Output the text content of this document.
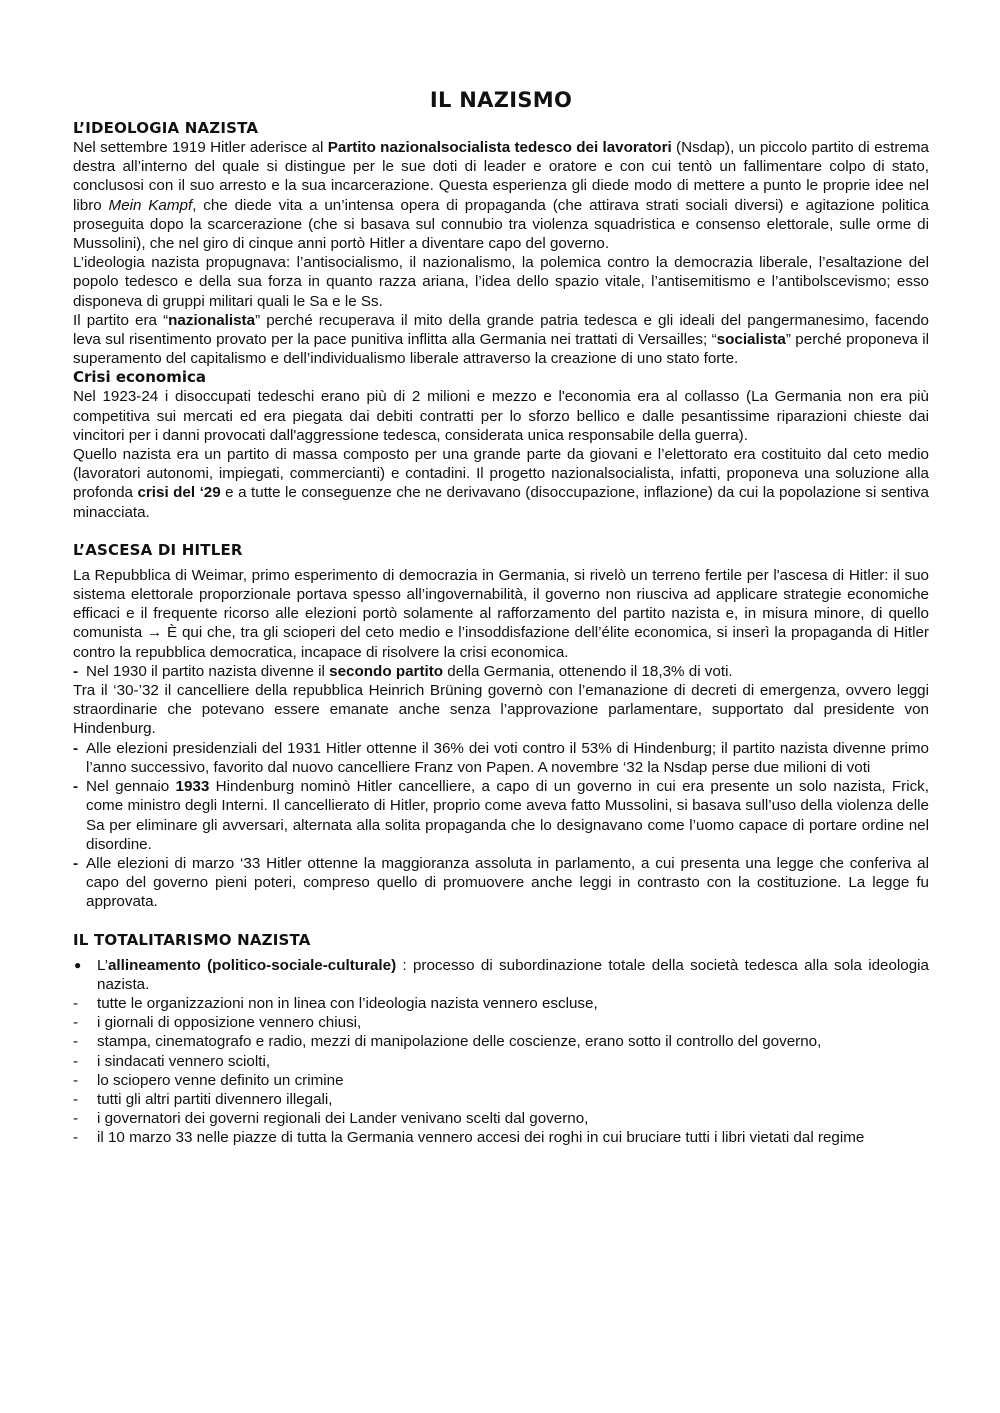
IL NAZISMO
L’IDEOLOGIA NAZISTA

Nel settembre 1919 Hitler aderisce al Partito nazionalsocialista tedesco dei lavoratori (Nsdap), un piccolo partito di estrema destra all’interno del quale si distingue per le sue doti di leader e oratore e con cui tentò un fallimentare colpo di stato, conclusosi con il suo arresto e la sua incarcerazione. Questa esperienza gli diede modo di mettere a punto le proprie idee nel libro Mein Kampf, che diede vita a un’intensa opera di propaganda (che attirava strati sociali diversi) e agitazione politica proseguita dopo la scarcerazione (che si basava sul connubio tra violenza squadristica e consenso elettorale, sulle orme di Mussolini), che nel giro di cinque anni portò Hitler a diventare capo del governo.

L’ideologia nazista propugnava: l’antisocialismo, il nazionalismo, la polemica contro la democrazia liberale, l’esaltazione del popolo tedesco e della sua forza in quanto razza ariana, l’idea dello spazio vitale, l’antisemitismo e l’antibolscevismo; esso disponeva di gruppi militari quali le Sa e le Ss.

Il partito era “nazionalista” perché recuperava il mito della grande patria tedesca e gli ideali del pangermanesimo, facendo leva sul risentimento provato per la pace punitiva inflitta alla Germania nei trattati di Versailles; “socialista” perché proponeva il superamento del capitalismo e dell’individualismo liberale attraverso la creazione di uno stato forte.

Crisi economica

Nel 1923-24 i disoccupati tedeschi erano più di 2 milioni e mezzo e l'economia era al collasso (La Germania non era più competitiva sui mercati ed era piegata dai debiti contratti per lo sforzo bellico e dalle pesantissime riparazioni chieste dai vincitori per i danni provocati dall'aggressione tedesca, considerata unica responsabile della guerra).

Quello nazista era un partito di massa composto per una grande parte da giovani e l’elettorato era costituito dal ceto medio (lavoratori autonomi, impiegati, commercianti) e contadini. Il progetto nazionalsocialista, infatti, proponeva una soluzione alla profonda crisi del ‘29 e a tutte le conseguenze che ne derivavano (disoccupazione, inflazione) da cui la popolazione si sentiva minacciata.

L’ASCESA DI HITLER

La Repubblica di Weimar, primo esperimento di democrazia in Germania, si rivelò un terreno fertile per l'ascesa di Hitler: il suo sistema elettorale proporzionale portava spesso all’ingovernabilità, il governo non riusciva ad applicare strategie economiche efficaci e il frequente ricorso alle elezioni portò solamente al rafforzamento del partito nazista e, in misura minore, di quello comunista → È qui che, tra gli scioperi del ceto medio e l’insoddisfazione dell’élite economica, si inserì la propaganda di Hitler contro la repubblica democratica, incapace di risolvere la crisi economica.

- Nel 1930 il partito nazista divenne il secondo partito della Germania, ottenendo il 18,3% di voti.

Tra il ‘30-’32 il cancelliere della repubblica Heinrich Brüning governò con l’emanazione di decreti di emergenza, ovvero leggi straordinarie che potevano essere emanate anche senza l’approvazione parlamentare, supportato dal presidente von Hindenburg.

- Alle elezioni presidenziali del 1931 Hitler ottenne il 36% dei voti contro il 53% di Hindenburg; il partito nazista divenne primo l’anno successivo, favorito dal nuovo cancelliere Franz von Papen. A novembre ‘32 la Nsdap perse due milioni di voti
- Nel gennaio 1933 Hindenburg nominò Hitler cancelliere, a capo di un governo in cui era presente un solo nazista, Frick, come ministro degli Interni. Il cancellierato di Hitler, proprio come aveva fatto Mussolini, si basava sull’uso della violenza delle Sa per eliminare gli avversari, alternata alla solita propaganda che lo designavano come l’uomo capace di portare ordine nel disordine.
- Alle elezioni di marzo ‘33 Hitler ottenne la maggioranza assoluta in parlamento, a cui presenta una legge che conferiva al capo del governo pieni poteri, compreso quello di promuovere anche leggi in contrasto con la costituzione. La legge fu approvata.
IL TOTALITARISMO NAZISTA
● L’allineamento (politico-sociale-culturale) : processo di subordinazione totale della società tedesca alla sola ideologia nazista.
- tutte le organizzazioni non in linea con l’ideologia nazista vennero escluse,
- i giornali di opposizione vennero chiusi,
- stampa, cinematografo e radio, mezzi di manipolazione delle coscienze, erano sotto il controllo del governo,
- i sindacati vennero sciolti,
- lo sciopero venne definito un crimine
- tutti gli altri partiti divennero illegali,
- i governatori dei governi regionali dei Lander venivano scelti dal governo,
- il 10 marzo 33 nelle piazze di tutta la Germania vennero accesi dei roghi in cui bruciare tutti i libri vietati dal regime
